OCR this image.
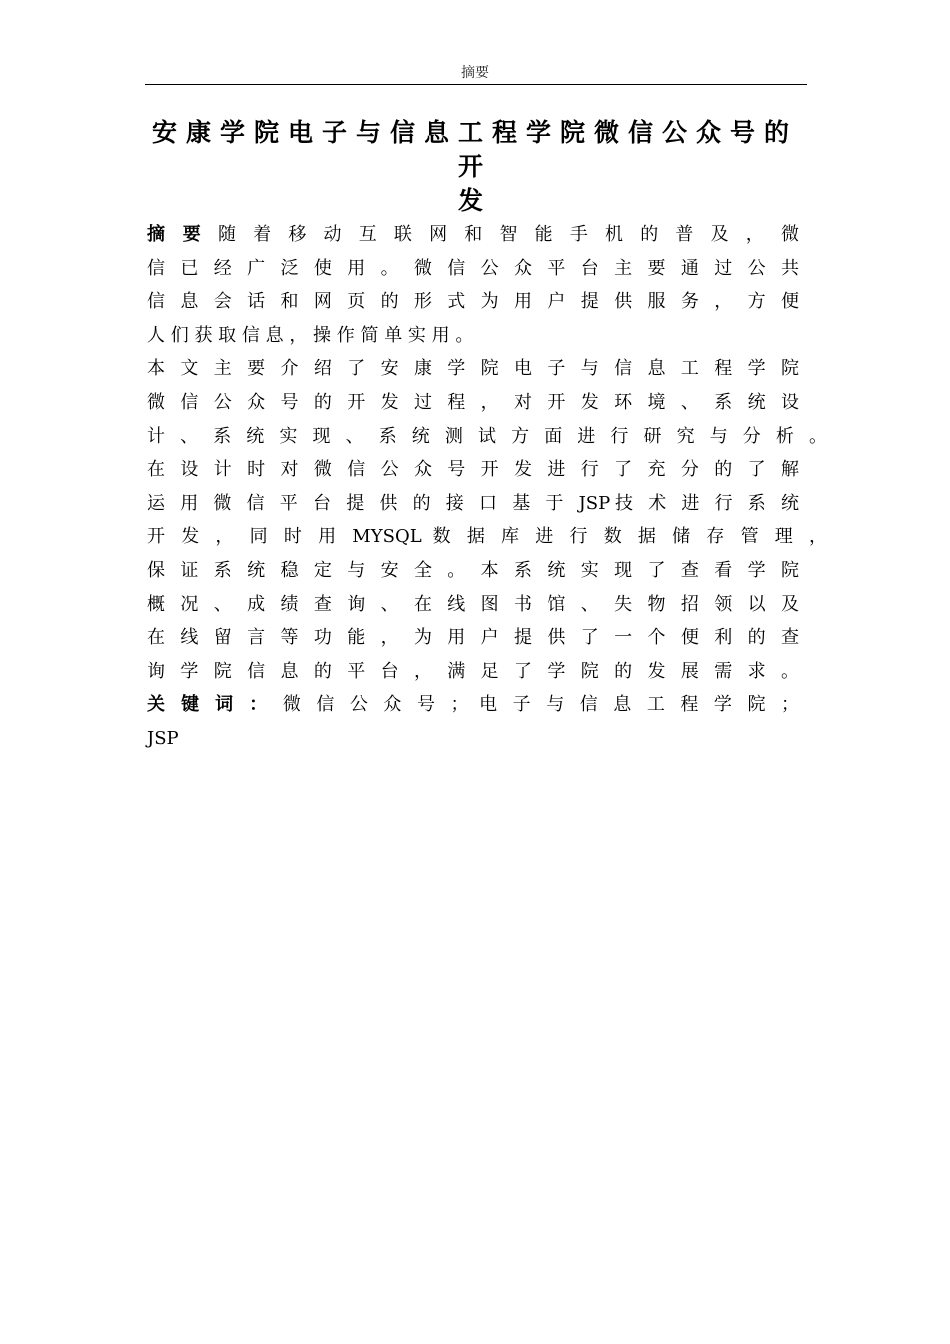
摘要
安康学院电子与信息工程学院微信公众号的开
发
摘 要 随 着 移 动 互 联 网 和 智 能 手 机 的 普 及 ， 微
信 已 经 广 泛 使 用 。 微 信 公 众 平 台 主 要 通 过 公 共
信 息 会 话 和 网 页 的 形 式 为 用 户 提 供 服 务 ， 方 便
人 们 获 取 信 息 ， 操 作 简 单 实 用 。
本 文 主 要 介 绍 了 安 康 学 院 电 子 与 信 息 工 程 学 院
微 信 公 众 号 的 开 发 过 程 ， 对 开 发 环 境 、 系 统 设
计 、 系 统 实 现 、 系 统 测 试 方 面 进 行 研 究 与 分 析 。
在 设 计 时 对 微 信 公 众 号 开 发 进 行 了 充 分 的 了 解
运 用 微 信 平 台 提 供 的 接 口 基 于 JSP技 术 进 行 系 统
开 发 ， 同 时 用 MYSQL 数 据 库 进 行 数 据 储 存 管 理 ，
保 证 系 统 稳 定 与 安 全 。 本 系 统 实 现 了 查 看 学 院
概 况 、 成 绩 查 询 、 在 线 图 书 馆 、 失 物 招 领 以 及
在 线 留 言 等 功 能 ， 为 用 户 提 供 了 一 个 便 利 的 查
询 学 院 信 息 的 平 台 ， 满 足 了 学 院 的 发 展 需 求 。
关 键 词 ： 微 信 公 众 号 ； 电 子 与 信 息 工 程 学 院 ；
JSP
